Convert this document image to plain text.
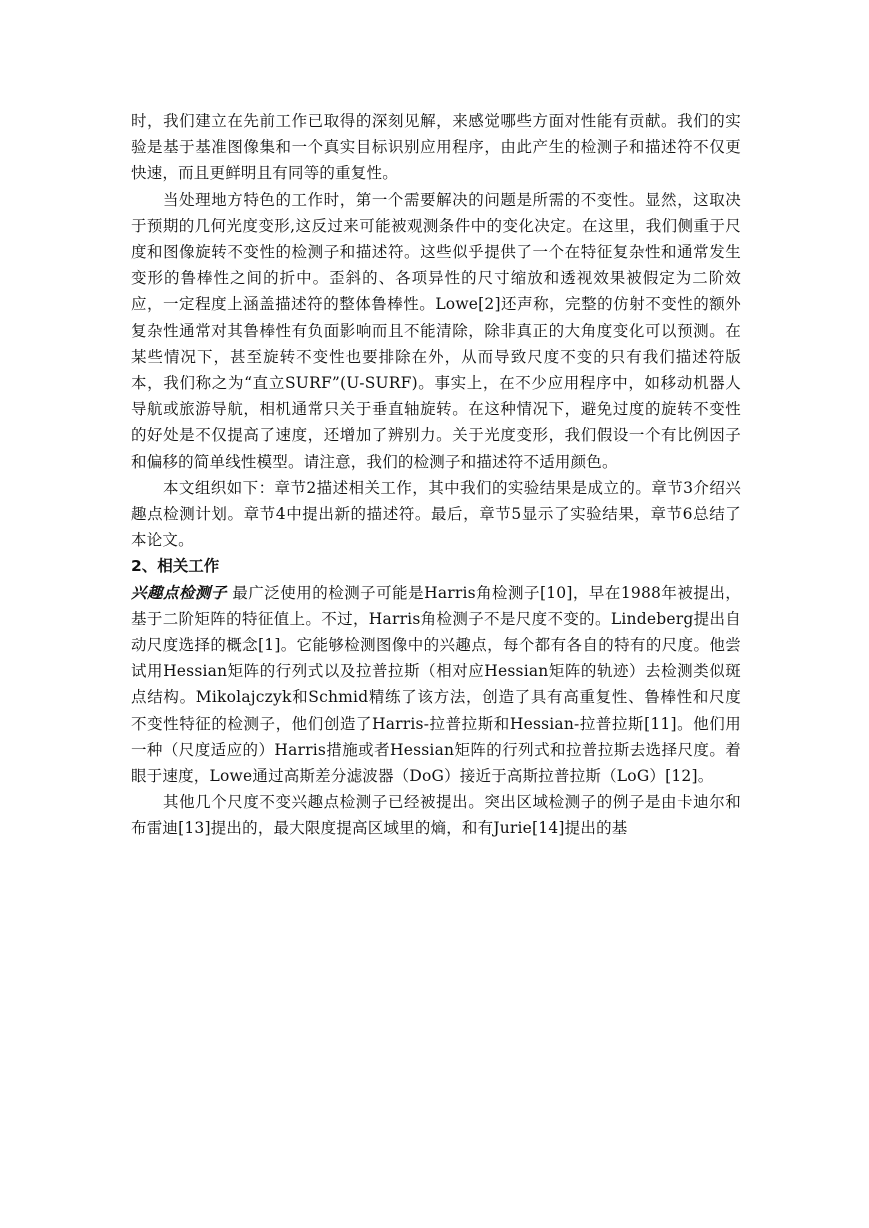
时，我们建立在先前工作已取得的深刻见解，来感觉哪些方面对性能有贡献。我们的实验是基于基准图像集和一个真实目标识别应用程序，由此产生的检测子和描述符不仅更快速，而且更鲜明且有同等的重复性。

当处理地方特色的工作时，第一个需要解决的问题是所需的不变性。显然，这取决于预期的几何光度变形,这反过来可能被观测条件中的变化决定。在这里，我们侧重于尺度和图像旋转不变性的检测子和描述符。这些似乎提供了一个在特征复杂性和通常发生变形的鲁棒性之间的折中。歪斜的、各项异性的尺寸缩放和透视效果被假定为二阶效应，一定程度上涵盖描述符的整体鲁棒性。Lowe[2]还声称，完整的仿射不变性的额外复杂性通常对其鲁棒性有负面影响而且不能清除，除非真正的大角度变化可以预测。在某些情况下，甚至旋转不变性也要排除在外，从而导致尺度不变的只有我们描述符版本，我们称之为“直立SURF”(U-SURF)。事实上，在不少应用程序中，如移动机器人导航或旅游导航，相机通常只关于垂直轴旋转。在这种情况下，避免过度的旋转不变性的好处是不仅提高了速度，还增加了辨别力。关于光度变形，我们假设一个有比例因子和偏移的简单线性模型。请注意，我们的检测子和描述符不适用颜色。

本文组织如下：章节2描述相关工作，其中我们的实验结果是成立的。章节3介绍兴趣点检测计划。章节4中提出新的描述符。最后，章节5显示了实验结果，章节6总结了本论文。

2、相关工作

兴趣点检测子 最广泛使用的检测子可能是Harris角检测子[10]，早在1988年被提出，基于二阶矩阵的特征值上。不过，Harris角检测子不是尺度不变的。Lindeberg提出自动尺度选择的概念[1]。它能够检测图像中的兴趣点，每个都有各自的特有的尺度。他尝试用Hessian矩阵的行列式以及拉普拉斯（相对应Hessian矩阵的轨迹）去检测类似斑点结构。Mikolajczyk和Schmid精练了该方法，创造了具有高重复性、鲁棒性和尺度不变性特征的检测子，他们创造了Harris-拉普拉斯和Hessian-拉普拉斯[11]。他们用一种（尺度适应的）Harris措施或者Hessian矩阵的行列式和拉普拉斯去选择尺度。着眼于速度，Lowe通过高斯差分滤波器（DoG）接近于高斯拉普拉斯（LoG）[12]。

其他几个尺度不变兴趣点检测子已经被提出。突出区域检测子的例子是由卡迪尔和布雷迪[13]提出的，最大限度提高区域里的熵，和有Jurie[14]提出的基
